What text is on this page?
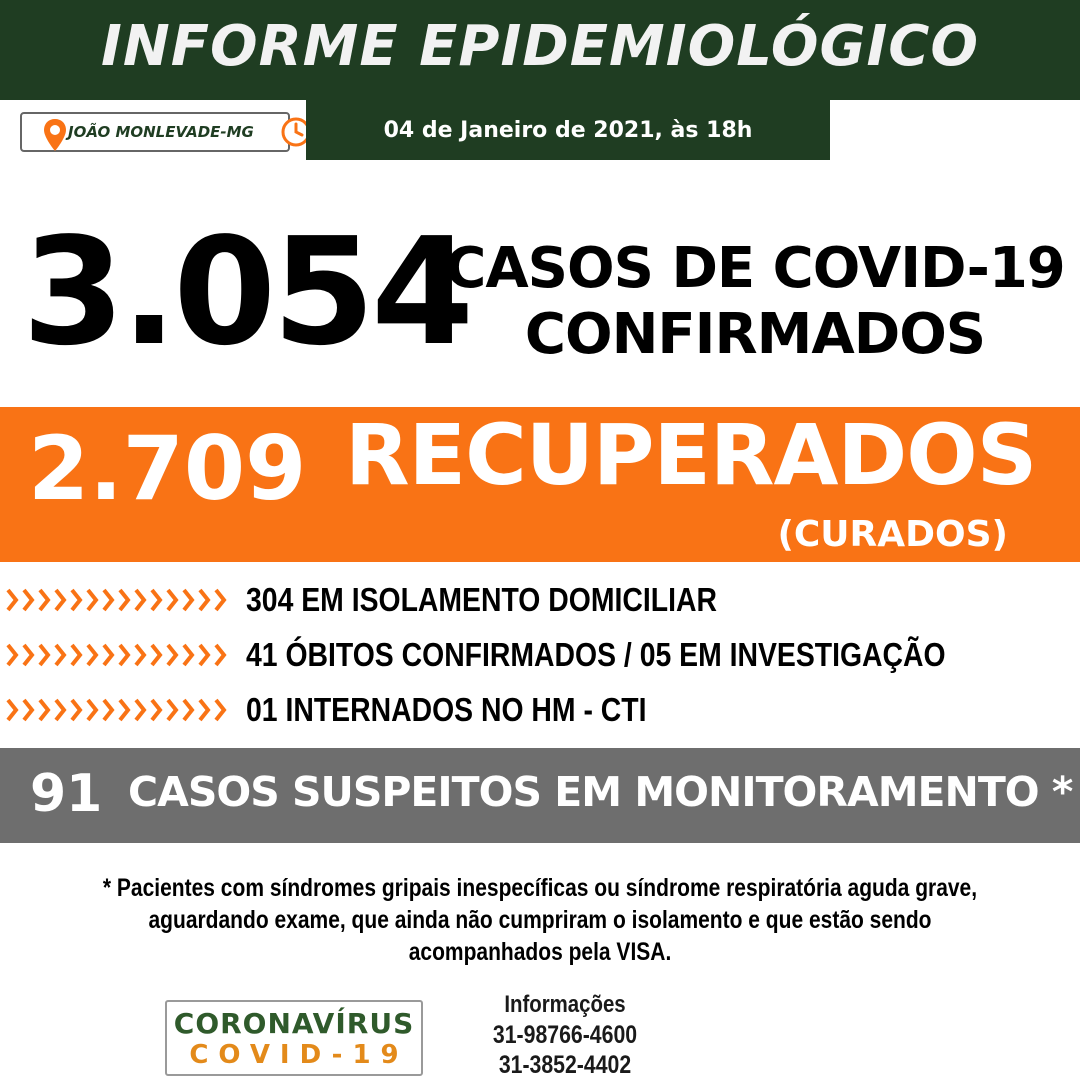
INFORME EPIDEMIOLÓGICO
JOÃO MONLEVADE-MG	04 de Janeiro de 2021, às 18h
3.054
CASOS DE COVID-19
CONFIRMADOS
2.709 RECUPERADOS
(CURADOS)
304 EM ISOLAMENTO DOMICILIAR
41 ÓBITOS CONFIRMADOS / 05 EM INVESTIGAÇÃO
01 INTERNADOS NO HM - CTI
91 CASOS SUSPEITOS EM MONITORAMENTO *
* Pacientes com síndromes gripais inespecíficas ou síndrome respiratória aguda grave,
aguardando exame, que ainda não cumpriram o isolamento e que estão sendo
acompanhados pela VISA.
CORONAVÍRUS
COVID-19
Informações
31-98766-4600
31-3852-4402
